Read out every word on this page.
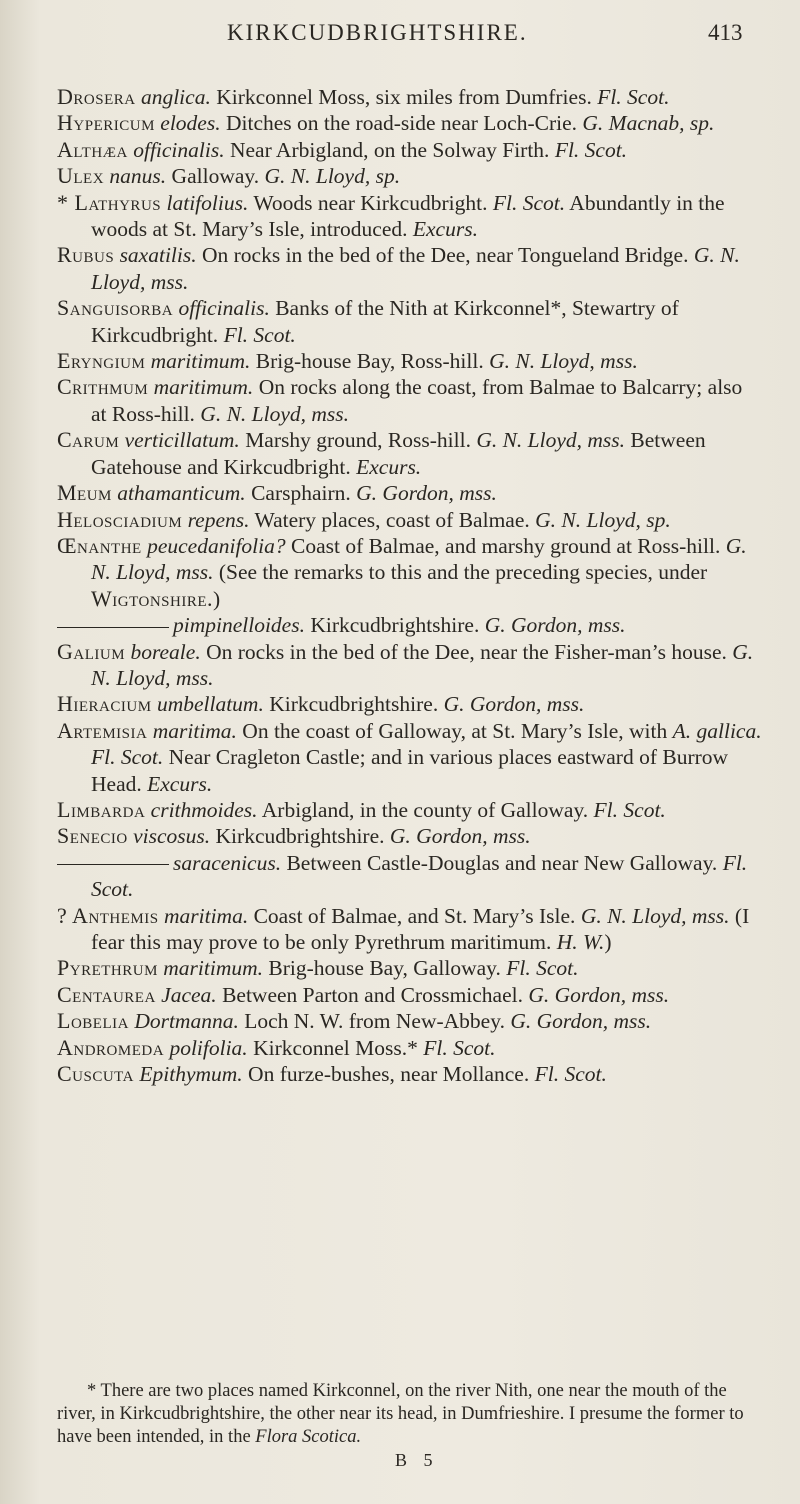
KIRKCUDBRIGHTSHIRE.	413

Drosera anglica. Kirkconnel Moss, six miles from Dumfries. Fl. Scot.

Hypericum elodes. Ditches on the road-side near Loch-Crie. G. Macnab, sp.

Althæa officinalis. Near Arbigland, on the Solway Firth. Fl. Scot.

Ulex nanus. Galloway. G. N. Lloyd, sp.

* Lathyrus latifolius. Woods near Kirkcudbright. Fl. Scot. Abundantly in the woods at St. Mary’s Isle, introduced. Excurs.

Rubus saxatilis. On rocks in the bed of the Dee, near Tongueland Bridge. G. N. Lloyd, mss.

Sanguisorba officinalis. Banks of the Nith at Kirkconnel*, Stewartry of Kirkcudbright. Fl. Scot.

Eryngium maritimum. Brig-house Bay, Ross-hill. G. N. Lloyd, mss.

Crithmum maritimum. On rocks along the coast, from Balmae to Balcarry; also at Ross-hill. G. N. Lloyd, mss.

Carum verticillatum. Marshy ground, Ross-hill. G. N. Lloyd, mss. Between Gatehouse and Kirkcudbright. Excurs.

Meum athamanticum. Carsphairn. G. Gordon, mss.

Helosciadium repens. Watery places, coast of Balmae. G. N. Lloyd, sp.

Œnanthe peucedanifolia? Coast of Balmae, and marshy ground at Ross-hill. G. N. Lloyd, mss. (See the remarks to this and the preceding species, under Wigtonshire.)

pimpinelloides. Kirkcudbrightshire. G. Gordon, mss.

Galium boreale. On rocks in the bed of the Dee, near the Fisher-man’s house. G. N. Lloyd, mss.

Hieracium umbellatum. Kirkcudbrightshire. G. Gordon, mss.

Artemisia maritima. On the coast of Galloway, at St. Mary’s Isle, with A. gallica. Fl. Scot. Near Cragleton Castle; and in various places eastward of Burrow Head. Excurs.

Limbarda crithmoides. Arbigland, in the county of Galloway. Fl. Scot.

Senecio viscosus. Kirkcudbrightshire. G. Gordon, mss.

saracenicus. Between Castle-Douglas and near New Galloway. Fl. Scot.

? Anthemis maritima. Coast of Balmae, and St. Mary’s Isle. G. N. Lloyd, mss. (I fear this may prove to be only Pyrethrum maritimum. H. W.)

Pyrethrum maritimum. Brig-house Bay, Galloway. Fl. Scot.

Centaurea Jacea. Between Parton and Crossmichael. G. Gordon, mss.

Lobelia Dortmanna. Loch N. W. from New-Abbey. G. Gordon, mss.

Andromeda polifolia. Kirkconnel Moss.* Fl. Scot.

Cuscuta Epithymum. On furze-bushes, near Mollance. Fl. Scot.

* There are two places named Kirkconnel, on the river Nith, one near the mouth of the river, in Kirkcudbrightshire, the other near its head, in Dumfrieshire. I presume the former to have been intended, in the Flora Scotica.

B 5
